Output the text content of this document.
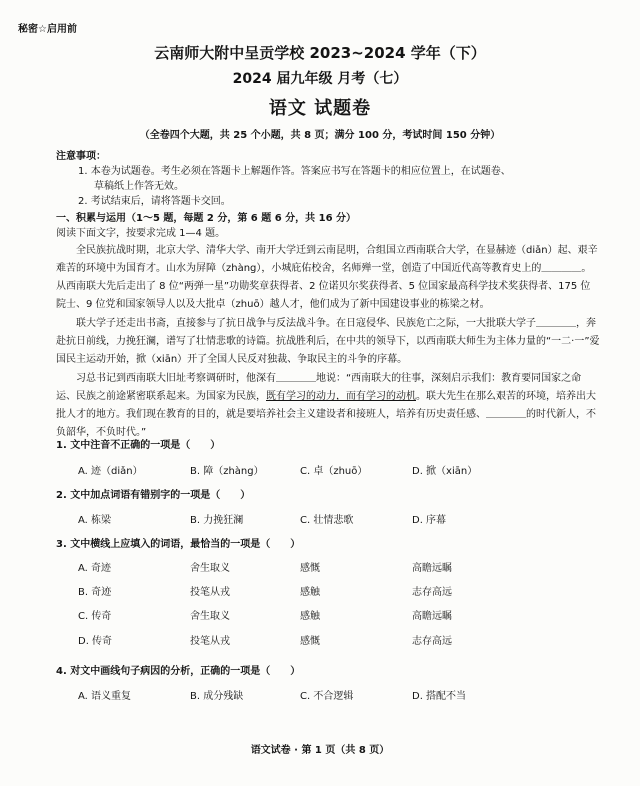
秘密☆启用前
云南师大附中呈贡学校 2023~2024 学年（下）
2024 届九年级 月考（七）
语文 试题卷
（全卷四个大题，共 25 个小题，共 8 页；满分 100 分，考试时间 150 分钟）
注意事项：
1. 本卷为试题卷。考生必须在答题卡上解题作答。答案应书写在答题卡的相应位置上，在试题卷、
草稿纸上作答无效。
2. 考试结束后，请将答题卡交回。
一、积累与运用（1～5 题，每题 2 分，第 6 题 6 分，共 16 分）
阅读下面文字，按要求完成 1—4 题。
全民族抗战时期，北京大学、清华大学、南开大学迁到云南昆明，合组国立西南联合大学，在显赫迹（diǎn）起、艰辛难苦的环境中为国育才。山水为屏障（zhàng），小城庇佑校舍，名师殚一堂，创造了中国近代高等教育史上的＿＿＿＿。从西南联大先后走出了 8 位“两弹一星”功勋奖章获得者、2 位诺贝尔奖获得者、5 位国家最高科学技术奖获得者、175 位院士、9 位党和国家领导人以及大批卓（zhuō）越人才，他们成为了新中国建设事业的栋梁之材。
联大学子还走出书斋，直接参与了抗日战争与反法战斗争。在日寇侵华、民族危亡之际，一大批联大学子＿＿＿＿，奔赴抗日前线，力挽狂澜，谱写了壮情悲歌的诗篇。抗战胜利后，在中共的领导下，以西南联大师生为主体力量的“一二·一”爱国民主运动开始，掀（xiān）开了全国人民反对独裁、争取民主的斗争的序幕。
习总书记到西南联大旧址考察调研时，他深有＿＿＿＿地说：“西南联大的往事，深刻启示我们：教育要同国家之命运、民族之前途紧密联系起来。为国家为民族，既有学习的动力，而有学习的动机。联大先生在那么艰苦的环境，培养出大批人才的地方。我们现在教育的目的，就是要培养社会主义建设者和接班人，培养有历史责任感、＿＿＿＿的时代新人，不负韶华，不负时代。”
1. 文中注音不正确的一项是（　　）
A. 迹（diǎn）	B. 障（zhàng）	C. 卓（zhuō）	D. 掀（xiān）
2. 文中加点词语有错别字的一项是（　　）
A. 栋梁	B. 力挽狂澜	C. 壮情悲歌	D. 序幕
3. 文中横线上应填入的词语，最恰当的一项是（　　）
A. 奇迹	舍生取义	感慨	高瞻远瞩
B. 奇迹	投笔从戎	感触	志存高远
C. 传奇	舍生取义	感触	高瞻远瞩
D. 传奇	投笔从戎	感慨	志存高远
4. 对文中画线句子病因的分析，正确的一项是（　　）
A. 语义重复	B. 成分残缺	C. 不合逻辑	D. 搭配不当
语文试卷 · 第 1 页（共 8 页）
